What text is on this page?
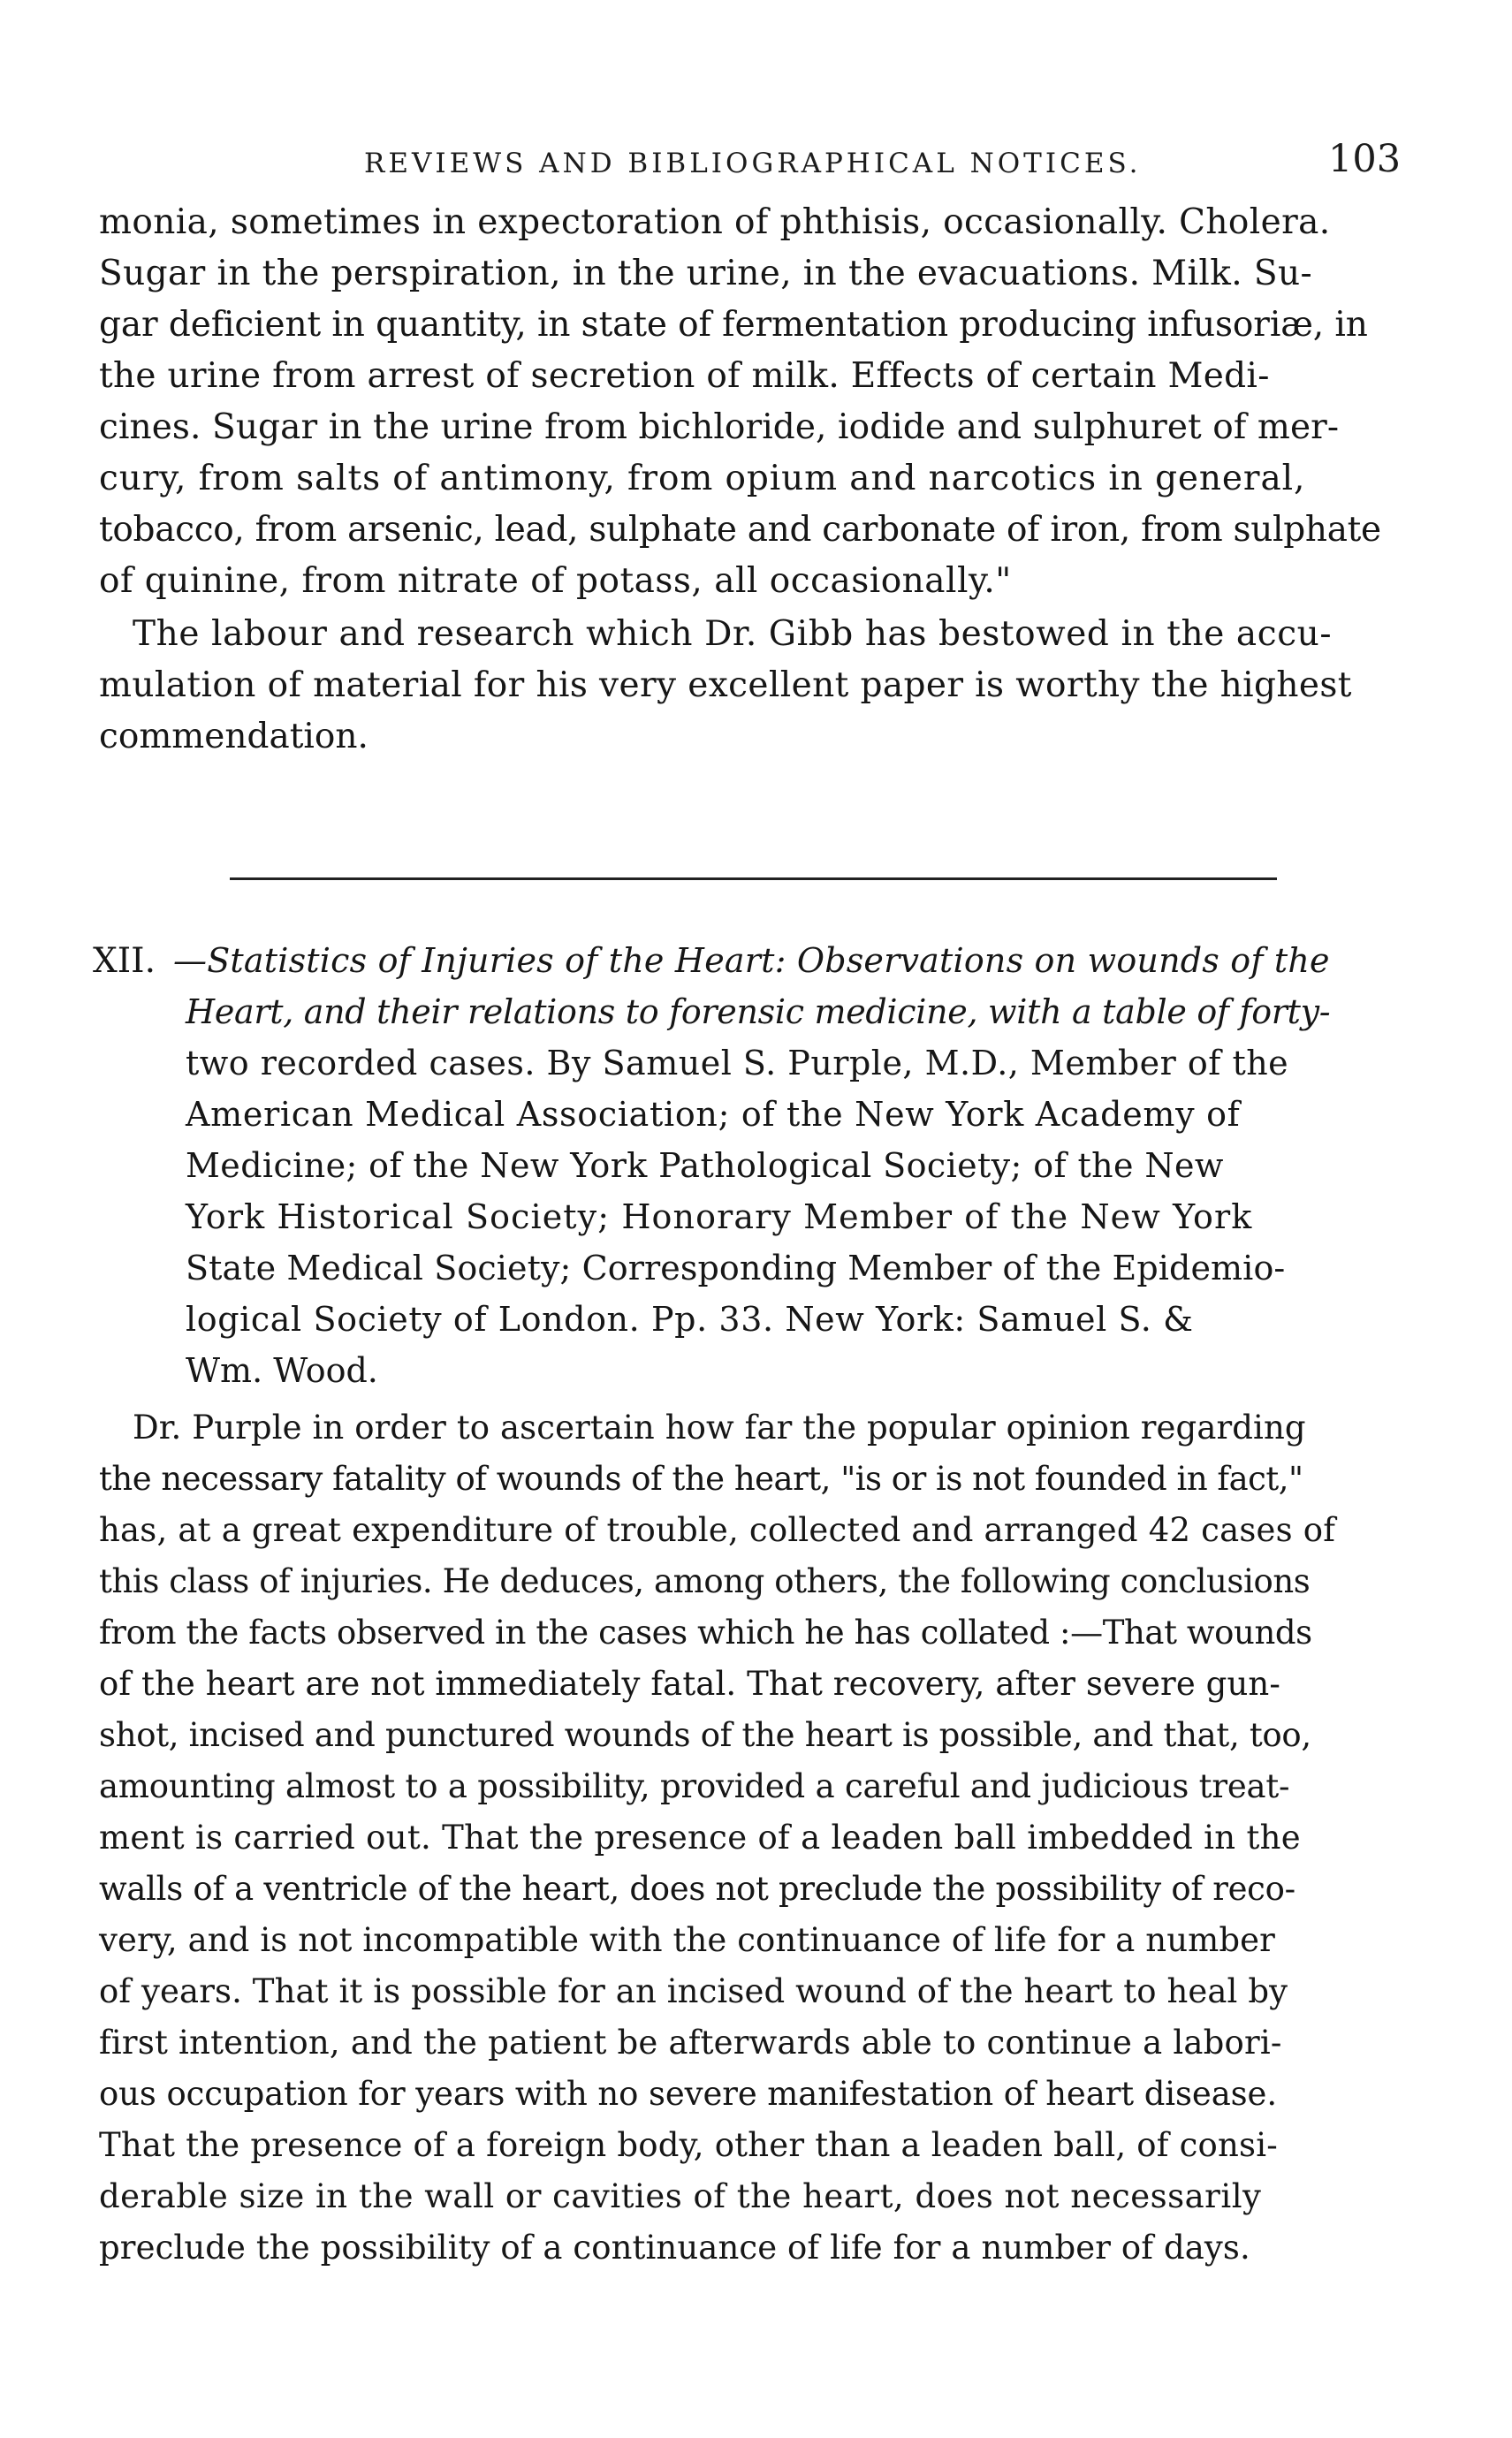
REVIEWS AND BIBLIOGRAPHICAL NOTICES.	103
monia, sometimes in expectoration of phthisis, occasionally. Cholera.
Sugar in the perspiration, in the urine, in the evacuations. Milk. Su-
gar deficient in quantity, in state of fermentation producing infusoriæ, in
the urine from arrest of secretion of milk. Effects of certain Medi-
cines. Sugar in the urine from bichloride, iodide and sulphuret of mer-
cury, from salts of antimony, from opium and narcotics in general,
tobacco, from arsenic, lead, sulphate and carbonate of iron, from sulphate
of quinine, from nitrate of potass, all occasionally."
The labour and research which Dr. Gibb has bestowed in the accu-
mulation of material for his very excellent paper is worthy the highest
commendation.
XII. —Statistics of Injuries of the Heart: Observations on wounds of the
Heart, and their relations to forensic medicine, with a table of forty-
two recorded cases. By Samuel S. Purple, M.D., Member of the
American Medical Association; of the New York Academy of
Medicine; of the New York Pathological Society; of the New
York Historical Society; Honorary Member of the New York
State Medical Society; Corresponding Member of the Epidemio-
logical Society of London. Pp. 33. New York: Samuel S. &
Wm. Wood.
Dr. Purple in order to ascertain how far the popular opinion regarding
the necessary fatality of wounds of the heart, "is or is not founded in fact,"
has, at a great expenditure of trouble, collected and arranged 42 cases of
this class of injuries. He deduces, among others, the following conclusions
from the facts observed in the cases which he has collated :—That wounds
of the heart are not immediately fatal. That recovery, after severe gun-
shot, incised and punctured wounds of the heart is possible, and that, too,
amounting almost to a possibility, provided a careful and judicious treat-
ment is carried out. That the presence of a leaden ball imbedded in the
walls of a ventricle of the heart, does not preclude the possibility of reco-
very, and is not incompatible with the continuance of life for a number
of years. That it is possible for an incised wound of the heart to heal by
first intention, and the patient be afterwards able to continue a labori-
ous occupation for years with no severe manifestation of heart disease.
That the presence of a foreign body, other than a leaden ball, of consi-
derable size in the wall or cavities of the heart, does not necessarily
preclude the possibility of a continuance of life for a number of days.
